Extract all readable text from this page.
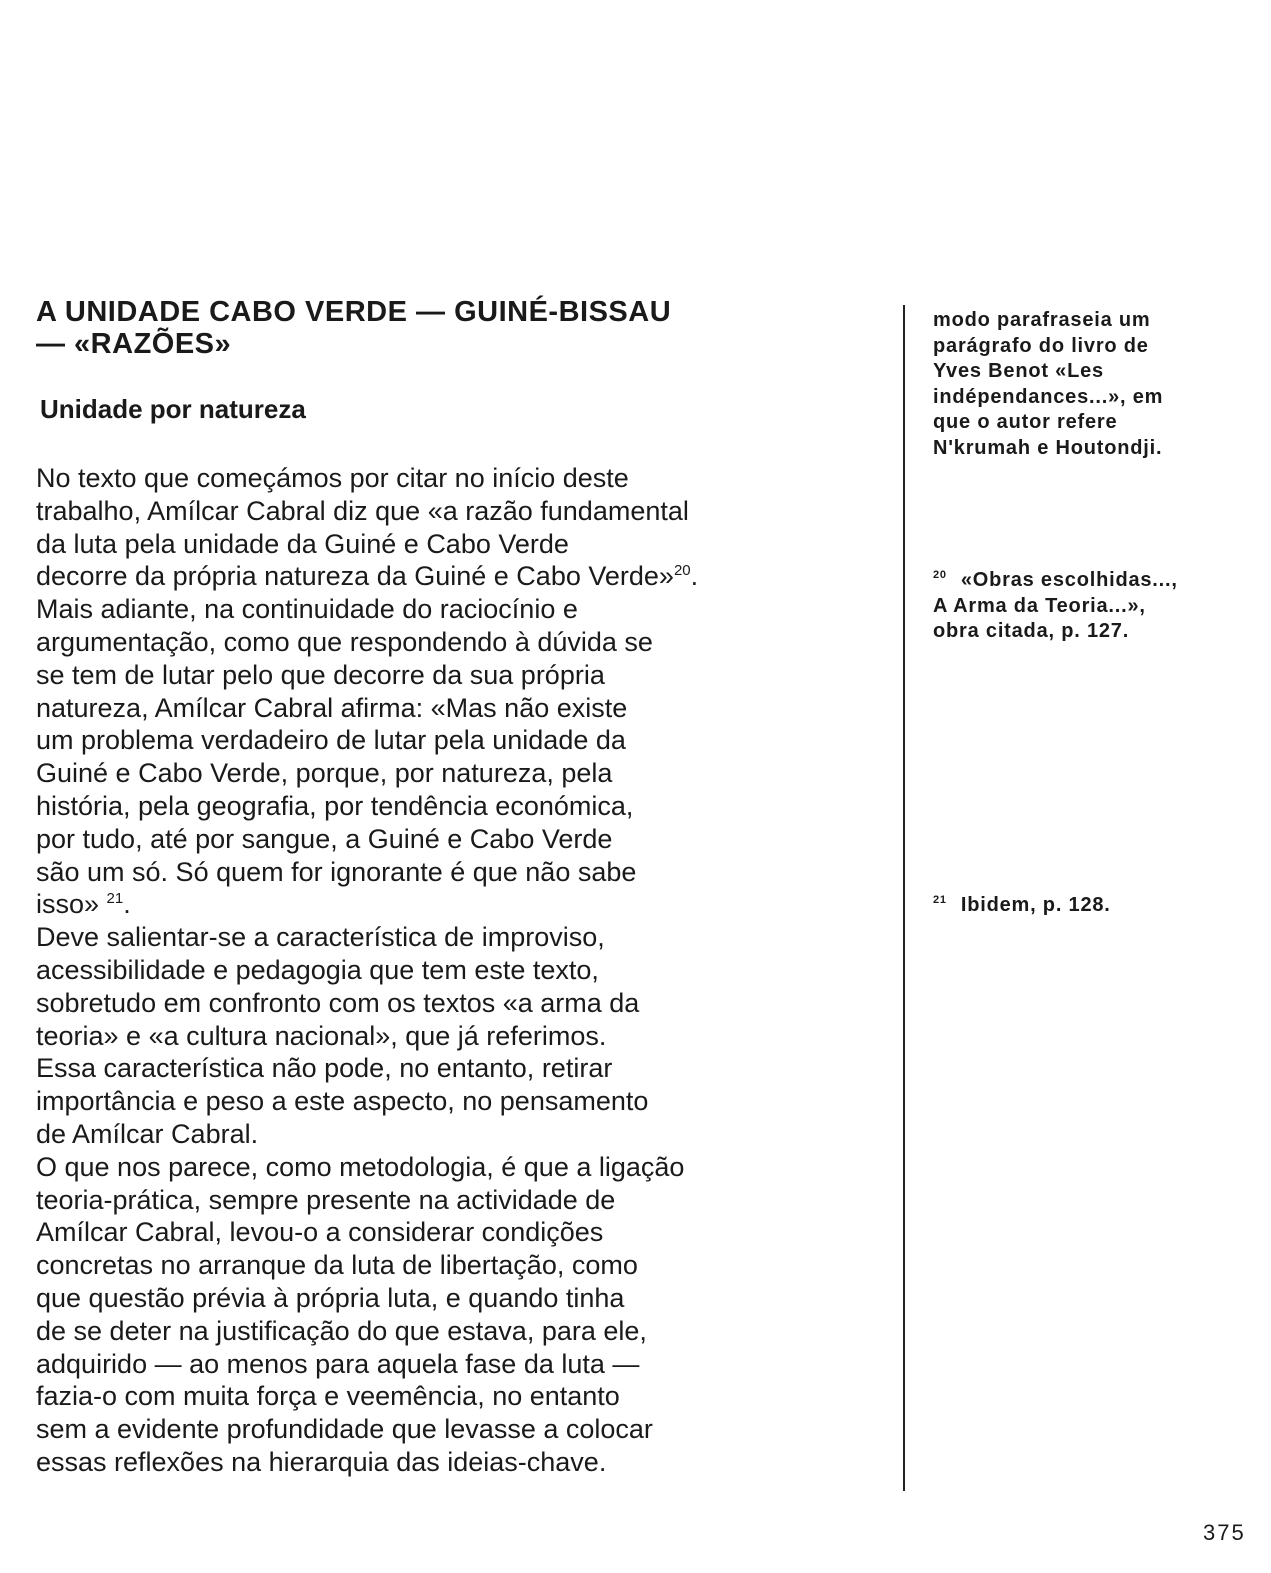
A UNIDADE CABO VERDE — GUINÉ-BISSAU
— «RAZÕES»
Unidade por natureza
No texto que começámos por citar no início deste
trabalho, Amílcar Cabral diz que «a razão fundamental
da luta pela unidade da Guiné e Cabo Verde
decorre da própria natureza da Guiné e Cabo Verde»$^{20}$.
Mais adiante, na continuidade do raciocínio e
argumentação, como que respondendo à dúvida se
se tem de lutar pelo que decorre da sua própria
natureza, Amílcar Cabral afirma: «Mas não existe
um problema verdadeiro de lutar pela unidade da
Guiné e Cabo Verde, porque, por natureza, pela
história, pela geografia, por tendência económica,
por tudo, até por sangue, a Guiné e Cabo Verde
são um só. Só quem for ignorante é que não sabe
isso» $^{21}$.
Deve salientar-se a característica de improviso,
acessibilidade e pedagogia que tem este texto,
sobretudo em confronto com os textos «a arma da
teoria» e «a cultura nacional», que já referimos.
Essa característica não pode, no entanto, retirar
importância e peso a este aspecto, no pensamento
de Amílcar Cabral.
O que nos parece, como metodologia, é que a ligação
teoria-prática, sempre presente na actividade de
Amílcar Cabral, levou-o a considerar condições
concretas no arranque da luta de libertação, como
que questão prévia à própria luta, e quando tinha
de se deter na justificação do que estava, para ele,
adquirido — ao menos para aquela fase da luta —
fazia-o com muita força e veemência, no entanto
sem a evidente profundidade que levasse a colocar
essas reflexões na hierarquia das ideias-chave.
modo parafraseia um
parágrafo do livro de
Yves Benot «Les
indépendances...», em
que o autor refere
N'krumah e Houtondji.
$^{20}$ «Obras escolhidas...,
A Arma da Teoria...»,
obra citada, p. 127.
$^{21}$ Ibidem, p. 128.
375
